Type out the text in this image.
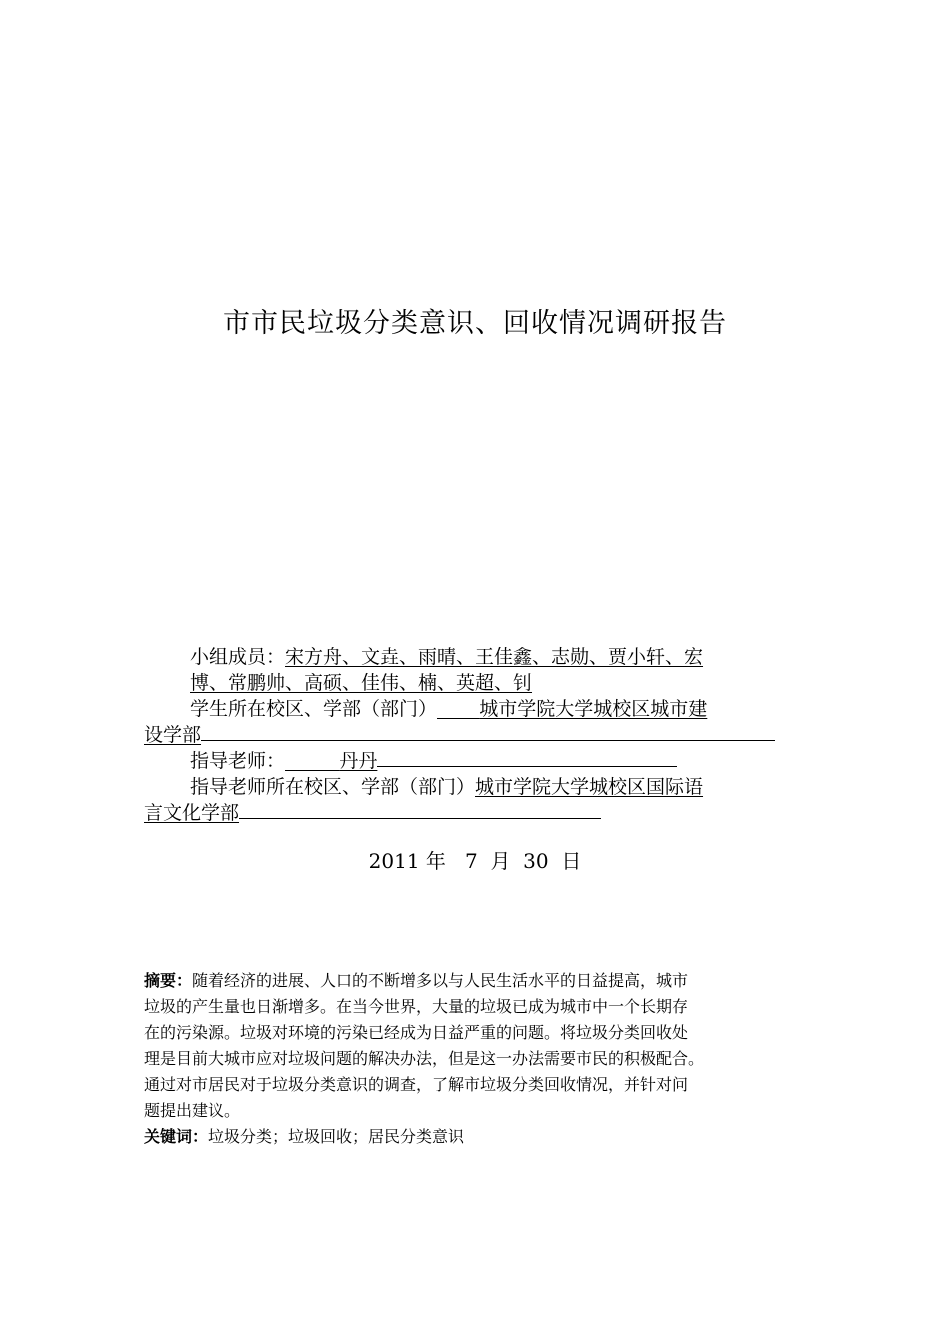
市市民垃圾分类意识、回收情况调研报告
小组成员：宋方舟、文垚、雨晴、王佳鑫、志勋、贾小轩、宏
博、常鹏帅、高硕、佳伟、楠、英超、钊
学生所在校区、学部（部门） 城市学院大学城校区城市建
设学部
指导老师：	丹丹
指导老师所在校区、学部（部门）城市学院大学城校区国际语
言文化学部
2011 年 7 月 30 日
摘要：随着经济的进展、人口的不断增多以与人民生活水平的日益提高，城市
垃圾的产生量也日渐增多。在当今世界，大量的垃圾已成为城市中一个长期存
在的污染源。垃圾对环境的污染已经成为日益严重的问题。将垃圾分类回收处
理是目前大城市应对垃圾问题的解决办法，但是这一办法需要市民的积极配合。
通过对市居民对于垃圾分类意识的调查，了解市垃圾分类回收情况，并针对问
题提出建议。
关键词：垃圾分类；垃圾回收；居民分类意识
